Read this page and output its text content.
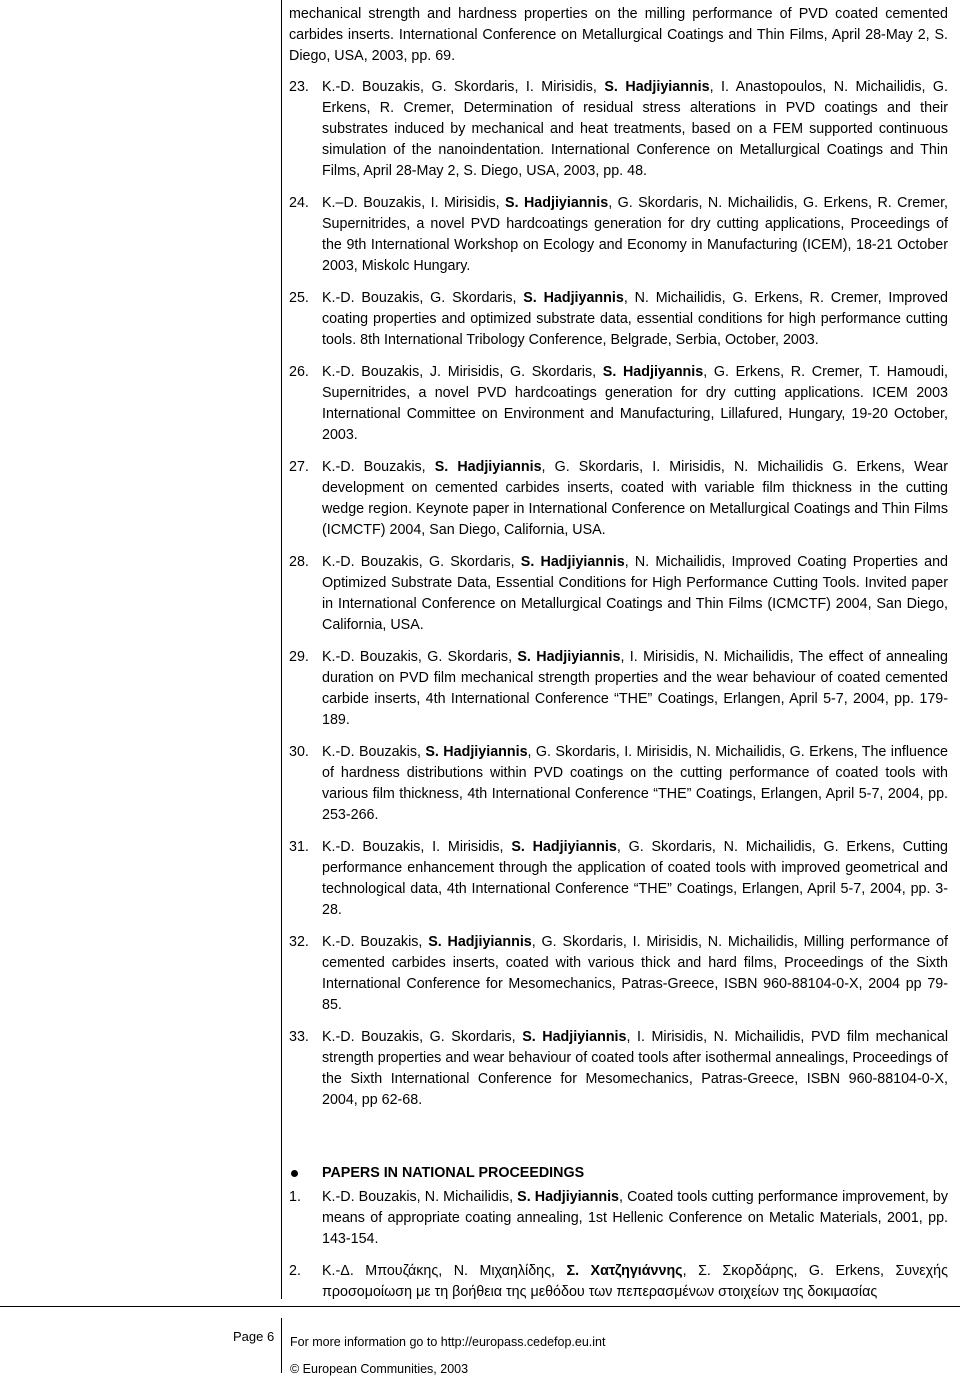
mechanical strength and hardness properties on the milling performance of PVD coated cemented carbides inserts. International Conference on Metallurgical Coatings and Thin Films, April 28-May 2, S. Diego, USA, 2003, pp. 69.

23. K.-D. Bouzakis, G. Skordaris, I. Mirisidis, S. Hadjiyiannis, I. Anastopoulos, N. Michailidis, G. Erkens, R. Cremer, Determination of residual stress alterations in PVD coatings and their substrates induced by mechanical and heat treatments, based on a FEM supported continuous simulation of the nanoindentation. International Conference on Metallurgical Coatings and Thin Films, April 28-May 2, S. Diego, USA, 2003, pp. 48.
24. K.–D. Bouzakis, I. Mirisidis, S. Hadjiyiannis, G. Skordaris, N. Michailidis, G. Erkens, R. Cremer, Supernitrides, a novel PVD hardcoatings generation for dry cutting applications, Proceedings of the 9th International Workshop on Ecology and Economy in Manufacturing (ICEM), 18-21 October 2003, Miskolc Hungary.
25. K.-D. Bouzakis, G. Skordaris, S. Hadjiyannis, N. Michailidis, G. Erkens, R. Cremer, Improved coating properties and optimized substrate data, essential conditions for high performance cutting tools. 8th International Tribology Conference, Belgrade, Serbia, October, 2003.
26. K.-D. Bouzakis, J. Mirisidis, G. Skordaris, S. Hadjiyannis, G. Erkens, R. Cremer, T. Hamoudi, Supernitrides, a novel PVD hardcoatings generation for dry cutting applications. ICEM 2003 International Committee on Environment and Manufacturing, Lillafured, Hungary, 19-20 October, 2003.
27. K.-D. Bouzakis, S. Hadjiyiannis, G. Skordaris, I. Mirisidis, N. Michailidis G. Erkens, Wear development on cemented carbides inserts, coated with variable film thickness in the cutting wedge region. Keynote paper in International Conference on Metallurgical Coatings and Thin Films (ICMCTF) 2004, San Diego, California, USA.
28. K.-D. Bouzakis, G. Skordaris, S. Hadjiyiannis, N. Michailidis, Improved Coating Properties and Optimized Substrate Data, Essential Conditions for High Performance Cutting Tools. Invited paper in International Conference on Metallurgical Coatings and Thin Films (ICMCTF) 2004, San Diego, California, USA.
29. K.-D. Bouzakis, G. Skordaris, S. Hadjiyiannis, I. Mirisidis, N. Michailidis, The effect of annealing duration on PVD film mechanical strength properties and the wear behaviour of coated cemented carbide inserts, 4th International Conference “THE” Coatings, Erlangen, April 5-7, 2004, pp. 179-189.
30. K.-D. Bouzakis, S. Hadjiyiannis, G. Skordaris, I. Mirisidis, N. Michailidis, G. Erkens, The influence of hardness distributions within PVD coatings on the cutting performance of coated tools with various film thickness, 4th International Conference “THE” Coatings, Erlangen, April 5-7, 2004, pp. 253-266.
31. K.-D. Bouzakis, I. Mirisidis, S. Hadjiyiannis, G. Skordaris, N. Michailidis, G. Erkens, Cutting performance enhancement through the application of coated tools with improved geometrical and technological data, 4th International Conference “THE” Coatings, Erlangen, April 5-7, 2004, pp. 3-28.
32. K.-D. Bouzakis, S. Hadjiyiannis, G. Skordaris, I. Mirisidis, N. Michailidis, Milling performance of cemented carbides inserts, coated with various thick and hard films, Proceedings of the Sixth International Conference for Mesomechanics, Patras-Greece, ISBN 960-88104-0-X, 2004 pp 79-85.
33. K.-D. Bouzakis, G. Skordaris, S. Hadjiyiannis, I. Mirisidis, N. Michailidis, PVD film mechanical strength properties and wear behaviour of coated tools after isothermal annealings, Proceedings of the Sixth International Conference for Mesomechanics, Patras-Greece, ISBN 960-88104-0-X, 2004, pp 62-68.
PAPERS IN NATIONAL PROCEEDINGS
1.	K.-D. Bouzakis, N. Michailidis, S. Hadjiyiannis, Coated tools cutting performance improvement, by means of appropriate coating annealing, 1st Hellenic Conference on Metalic Materials, 2001, pp. 143-154.
2.	K.-Δ. Μπουζάκης, Ν. Μιχαηλίδης, Σ. Χατζηγιάννης, Σ. Σκορδάρης, G. Erkens, Συνεχής προσομοίωση με τη βοήθεια της μεθόδου των πεπερασμένων στοιχείων της δοκιμασίας
Page 6 For more information go to http://europass.cedefop.eu.int
© European Communities, 2003
